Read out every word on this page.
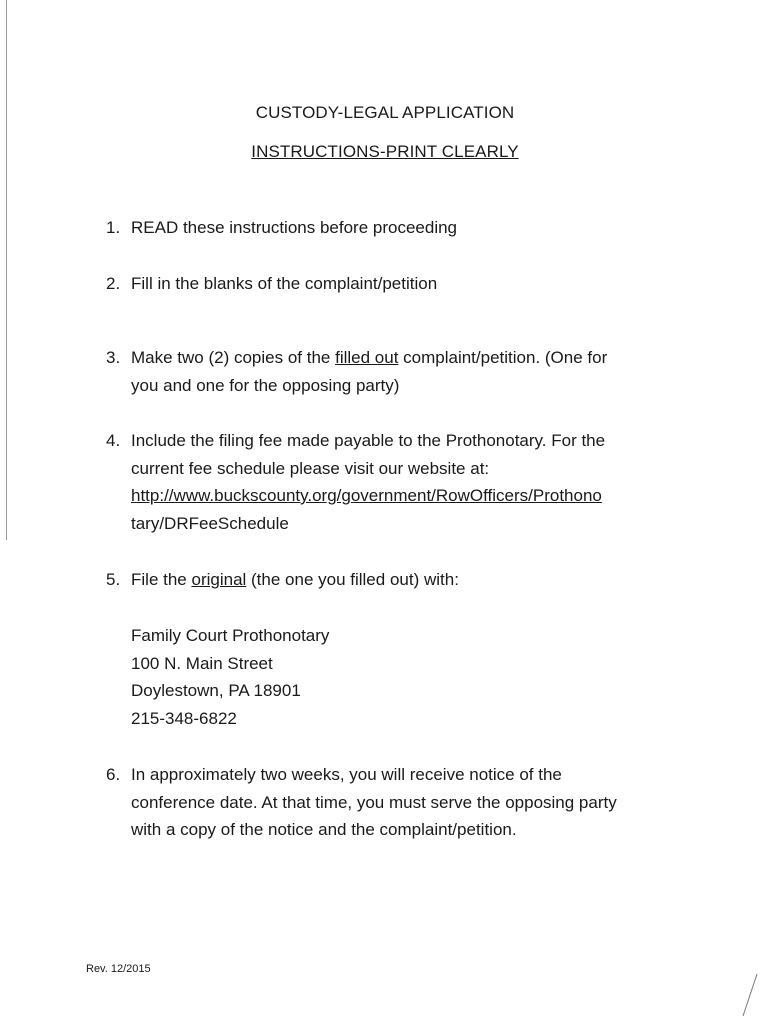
CUSTODY-LEGAL APPLICATION
INSTRUCTIONS-PRINT CLEARLY
1. READ these instructions before proceeding
2. Fill in the blanks of the complaint/petition
3. Make two (2) copies of the filled out complaint/petition. (One for
you and one for the opposing party)
4. Include the filing fee made payable to the Prothonotary. For the
current fee schedule please visit our website at:
http://www.buckscounty.org/government/RowOfficers/Prothono
tary/DRFeeSchedule
5. File the original (the one you filled out) with:
Family Court Prothonotary
100 N. Main Street
Doylestown, PA 18901
215-348-6822
6. In approximately two weeks, you will receive notice of the
conference date. At that time, you must serve the opposing party
with a copy of the notice and the complaint/petition.
Rev. 12/2015
